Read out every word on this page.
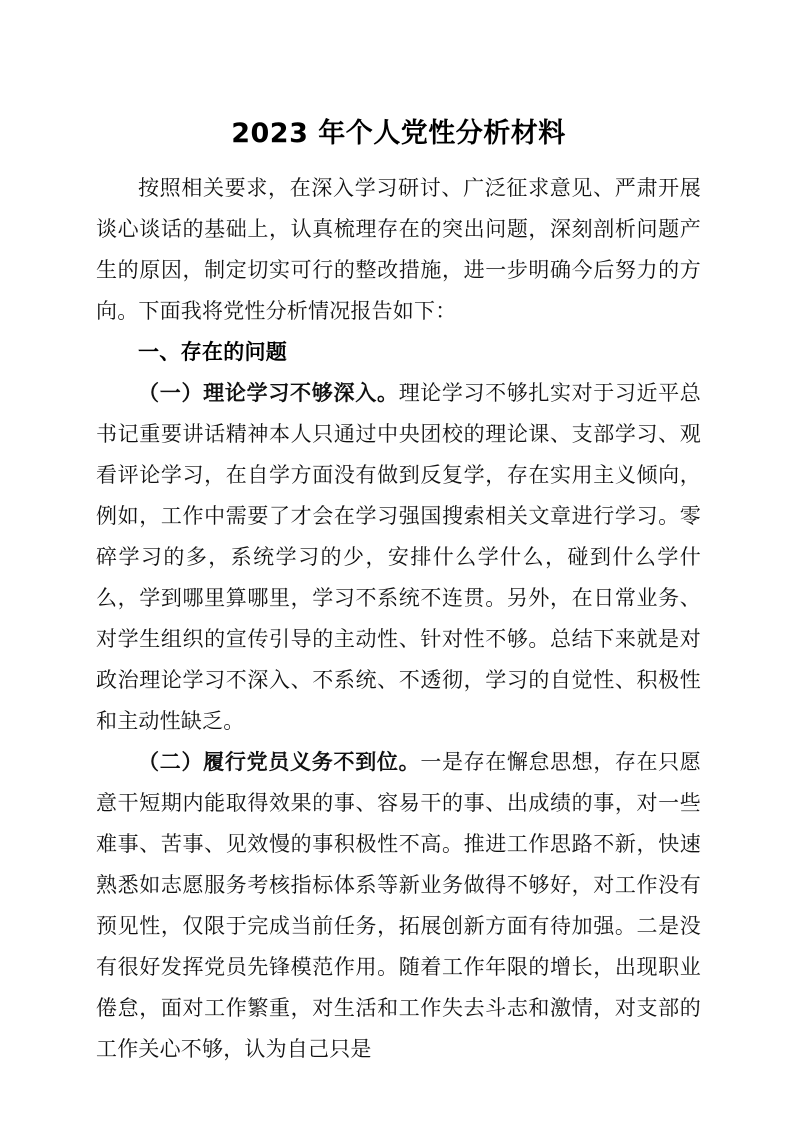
2023 年个人党性分析材料

按照相关要求，在深入学习研讨、广泛征求意见、严肃开展谈心谈话的基础上，认真梳理存在的突出问题，深刻剖析问题产生的原因，制定切实可行的整改措施，进一步明确今后努力的方向。下面我将党性分析情况报告如下：

一、存在的问题

（一）理论学习不够深入。理论学习不够扎实对于习近平总书记重要讲话精神本人只通过中央团校的理论课、支部学习、观看评论学习，在自学方面没有做到反复学，存在实用主义倾向，例如，工作中需要了才会在学习强国搜索相关文章进行学习。零碎学习的多，系统学习的少，安排什么学什么，碰到什么学什么，学到哪里算哪里，学习不系统不连贯。另外，在日常业务、对学生组织的宣传引导的主动性、针对性不够。总结下来就是对政治理论学习不深入、不系统、不透彻，学习的自觉性、积极性和主动性缺乏。

（二）履行党员义务不到位。一是存在懈怠思想，存在只愿意干短期内能取得效果的事、容易干的事、出成绩的事，对一些难事、苦事、见效慢的事积极性不高。推进工作思路不新，快速熟悉如志愿服务考核指标体系等新业务做得不够好，对工作没有预见性，仅限于完成当前任务，拓展创新方面有待加强。二是没有很好发挥党员先锋模范作用。随着工作年限的增长，出现职业倦怠，面对工作繁重，对生活和工作失去斗志和激情，对支部的工作关心不够，认为自己只是
